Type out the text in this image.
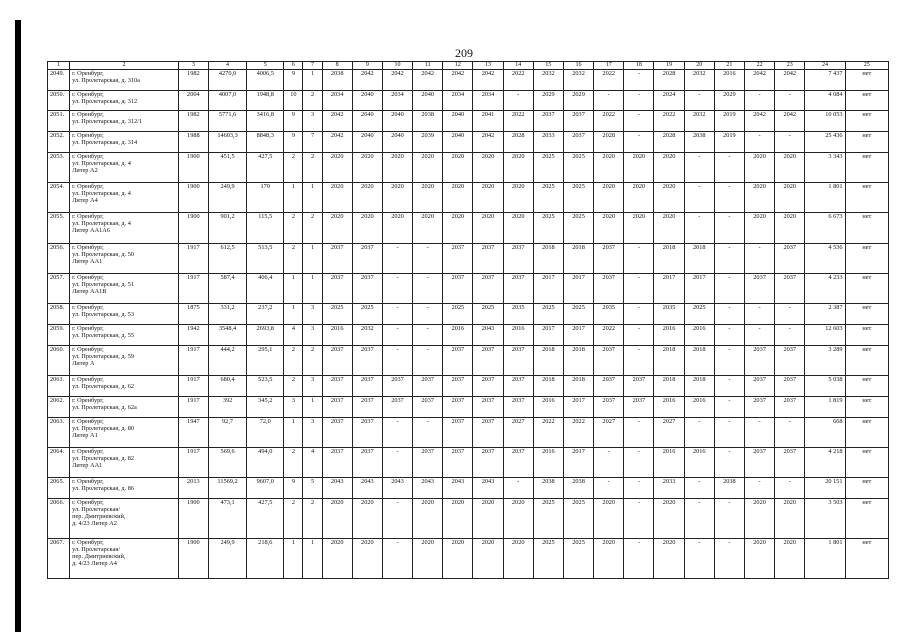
209
1	2	3	4	5	6	7	8	9	10	11	12	13	14	15	16	17	18	19	20	21	22	23	24	25
2049.	г. Оренбург,
ул. Пролетарская, д. 310а	1982	4270,0	4006,5	9	1	2038	2042	2042	2042	2042	2042	2022	2032	2032	2022	-	2028	2032	2016	2042	2042	7 437	нет
2050.	г. Оренбург,
ул. Пролетарская, д. 312	2004	4007,0	1948,8	10	2	2034	2040	2034	2040	2034	2034	-	2029	2029	-	-	2024	-	2029	-	-	4 084	нет
2051.	г. Оренбург,
ул. Пролетарская, д. 312/1	1982	5771,6	3416,8	9	3	2042	2040	2040	2038	2040	2041	2022	2037	2037	2022	-	2022	2032	2019	2042	2042	10 053	нет
2052.	г. Оренбург,
ул. Пролетарская, д. 314	1988	14603,3	8848,3	9	7	2042	2040	2040	2039	2040	2042	2028	2033	2037	2028	-	2028	2038	2019	-	-	25 436	нет
2053.	г. Оренбург,
ул. Пролетарская, д. 4
Литер А2	1900	451,5	427,5	2	2	2020	2020	2020	2020	2020	2020	2020	2025	2025	2020	2020	2020	-	-	2020	2020	3 343	нет
2054.	г. Оренбург,
ул. Пролетарская, д. 4
Литер А4	1900	249,9	170	1	1	2020	2020	2020	2020	2020	2020	2020	2025	2025	2020	2020	2020	-	-	2020	2020	1 801	нет
2055.	г. Оренбург,
ул. Пролетарская, д. 4
Литер АА1А6	1900	901,2	115,5	2	2	2020	2020	2020	2020	2020	2020	2020	2025	2025	2020	2020	2020	-	-	2020	2020	6 673	нет
2056.	г. Оренбург,
ул. Пролетарская, д. 50
Литер АА1	1917	612,5	513,5	2	1	2037	2037	-	-	2037	2037	2037	2018	2018	2037	-	2018	2018	-	-	2037	4 536	нет
2057.	г. Оренбург,
ул. Пролетарская, д. 51
Литер АА1В	1917	587,4	406,4	1	1	2037	2037	-	-	2037	2037	2037	2017	2017	2037	-	2017	2017	-	2037	2037	4 233	нет
2058.	г. Оренбург,
ул. Пролетарская, д. 53	1875	331,2	237,2	1	3	2025	2025	-	-	2025	2025	2035	2025	2025	2035	-	2035	2025	-	-	-	2 387	нет
2059.	г. Оренбург,
ул. Пролетарская, д. 55	1942	3548,4	2693,8	4	3	2016	2032	-	-	2016	2043	2016	2017	2017	2022	-	2016	2016	-	-	-	12 603	нет
2060.	г. Оренбург,
ул. Пролетарская, д. 59
Литер А	1917	444,2	295,1	2	2	2037	2037	-	-	2037	2037	2037	2018	2018	2037	-	2018	2018	-	2037	2037	3 289	нет
2061.	г. Оренбург,
ул. Пролетарская, д. 62	1917	680,4	523,5	2	3	2037	2037	2037	2037	2037	2037	2037	2018	2018	2037	2037	2018	2018	-	2037	2037	5 038	нет
2062.	г. Оренбург,
ул. Пролетарская, д. 62а	1917	392	345,2	3	1	2037	2037	2037	2037	2037	2037	2037	2016	2017	2037	2037	2016	2016	-	2037	2037	1 819	нет
2063.	г. Оренбург,
ул. Пролетарская, д. 80
Литер А1	1947	92,7	72,0	1	3	2037	2037	-	-	2037	2037	2027	2022	2022	2027	-	2027	-	-	-	-	668	нет
2064.	г. Оренбург,
ул. Пролетарская, д. 82
Литер АА1	1917	569,6	494,0	2	4	2037	2037	-	2037	2037	2037	2037	2016	2017	-	-	2016	2016	-	2037	2037	4 218	нет
2065.	г. Оренбург,
ул. Пролетарская, д. 86	2013	11569,2	9607,0	9	5	2043	2043	2043	2043	2043	2043	-	2038	2038	-	-	2033	-	2038	-	-	20 151	нет
2066.	г. Оренбург,
ул. Пролетарская/
пер. Дмитриевский,
д. 4/23 Литер А2	1900	473,1	427,5	2	2	2020	2020	-	2020	2020	2020	2020	2025	2025	2020	-	2020	-	-	2020	2020	3 503	нет
2067.	г. Оренбург,
ул. Пролетарская/
пер. Дмитриевский,
д. 4/23 Литер А4	1900	249,9	218,6	1	1	2020	2020	-	2020	2020	2020	2020	2025	2025	2020	-	2020	-	-	2020	2020	1 801	нет
